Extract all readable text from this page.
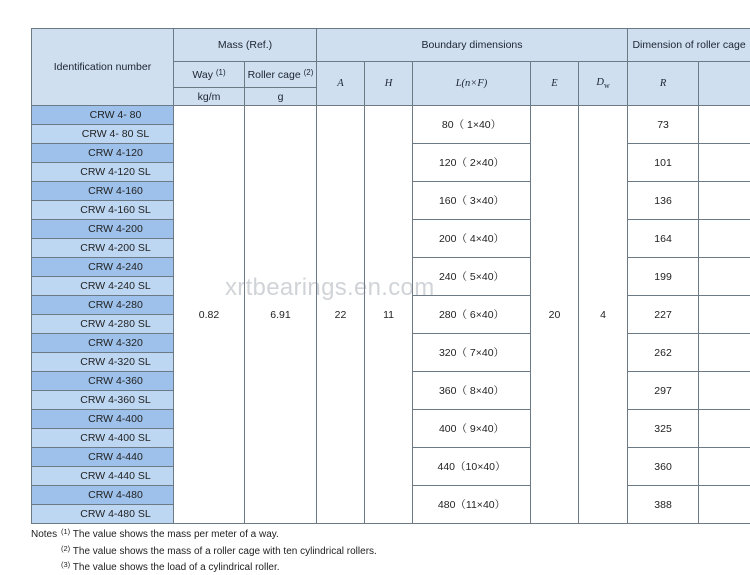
Identification number	Mass (Ref.)		Boundary dimensions					Dimension of roller cage	
	Way $^{(1)}$	Roller cage $^{(2)}$	A	H	L(n×F)	E	$D_w$	R	
	kg/m	g							
CRW 4- 80	0.82	6.91	22	11	80（ 1×40）	20	4	73	
CRW 4- 80 SL									
CRW 4-120					120（ 2×40）			101	
CRW 4-120 SL									
CRW 4-160					160（ 3×40）			136	
CRW 4-160 SL									
CRW 4-200					200（ 4×40）			164	
CRW 4-200 SL									
CRW 4-240					240（ 5×40）			199	
CRW 4-240 SL									
CRW 4-280					280（ 6×40）			227	
CRW 4-280 SL									
CRW 4-320					320（ 7×40）			262	
CRW 4-320 SL									
CRW 4-360					360（ 8×40）			297	
CRW 4-360 SL									
CRW 4-400					400（ 9×40）			325	
CRW 4-400 SL									
CRW 4-440					440（10×40）			360	
CRW 4-440 SL									
CRW 4-480					480（11×40）			388	
CRW 4-480 SL									
xrtbearings.en.com
Notes $^{(1)}$ The value shows the mass per meter of a way.
$^{(2)}$ The value shows the mass of a roller cage with ten cylindrical rollers.
$^{(3)}$ The value shows the load of a cylindrical roller.
